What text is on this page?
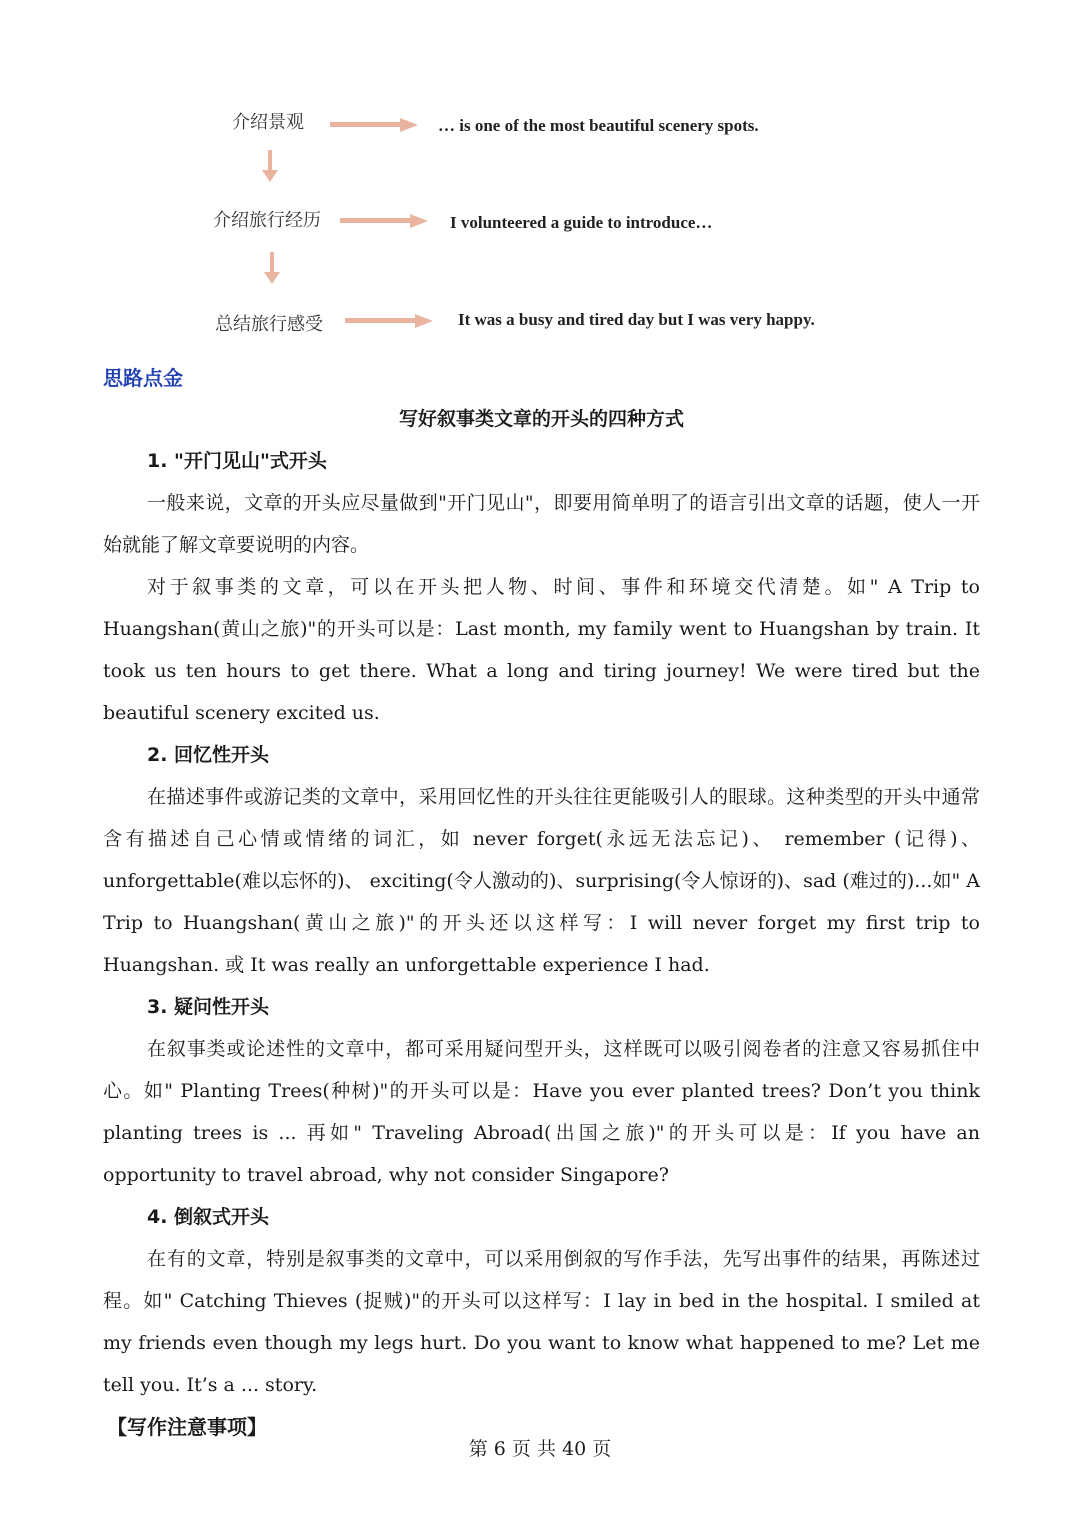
介绍景观	… is one of the most beautiful scenery spots.
介绍旅行经历	I volunteered a guide to introduce…
总结旅行感受	It was a busy and tired day but I was very happy.
思路点金
写好叙事类文章的开头的四种方式
1. "开门见山"式开头
一般来说，文章的开头应尽量做到"开门见山"，即要用简单明了的语言引出文章的话题，使人一开始就能了解文章要说明的内容。
对于叙事类的文章，可以在开头把人物、时间、事件和环境交代清楚。如" A Trip to Huangshan(黄山之旅)"的开头可以是：Last month, my family went to Huangshan by train. It took us ten hours to get there. What a long and tiring journey! We were tired but the beautiful scenery excited us.
2. 回忆性开头
在描述事件或游记类的文章中，采用回忆性的开头往往更能吸引人的眼球。这种类型的开头中通常含有描述自己心情或情绪的词汇，如 never forget(永远无法忘记)、 remember (记得)、unforgettable(难以忘怀的)、 exciting(令人激动的)、surprising(令人惊讶的)、sad (难过的)...如" A Trip to Huangshan(黄山之旅)"的开头还以这样写：I will never forget my first trip to Huangshan. 或 It was really an unforgettable experience I had.
3. 疑问性开头
在叙事类或论述性的文章中，都可采用疑问型开头，这样既可以吸引阅卷者的注意又容易抓住中心。如" Planting Trees(种树)"的开头可以是：Have you ever planted trees? Don’t you think planting trees is ... 再如" Traveling Abroad(出国之旅)"的开头可以是：If you have an opportunity to travel abroad, why not consider Singapore?
4. 倒叙式开头
在有的文章，特别是叙事类的文章中，可以采用倒叙的写作手法，先写出事件的结果，再陈述过程。如" Catching Thieves (捉贼)"的开头可以这样写：I lay in bed in the hospital. I smiled at my friends even though my legs hurt. Do you want to know what happened to me? Let me tell you. It’s a ... story.
【写作注意事项】
第 6 页 共 40 页
